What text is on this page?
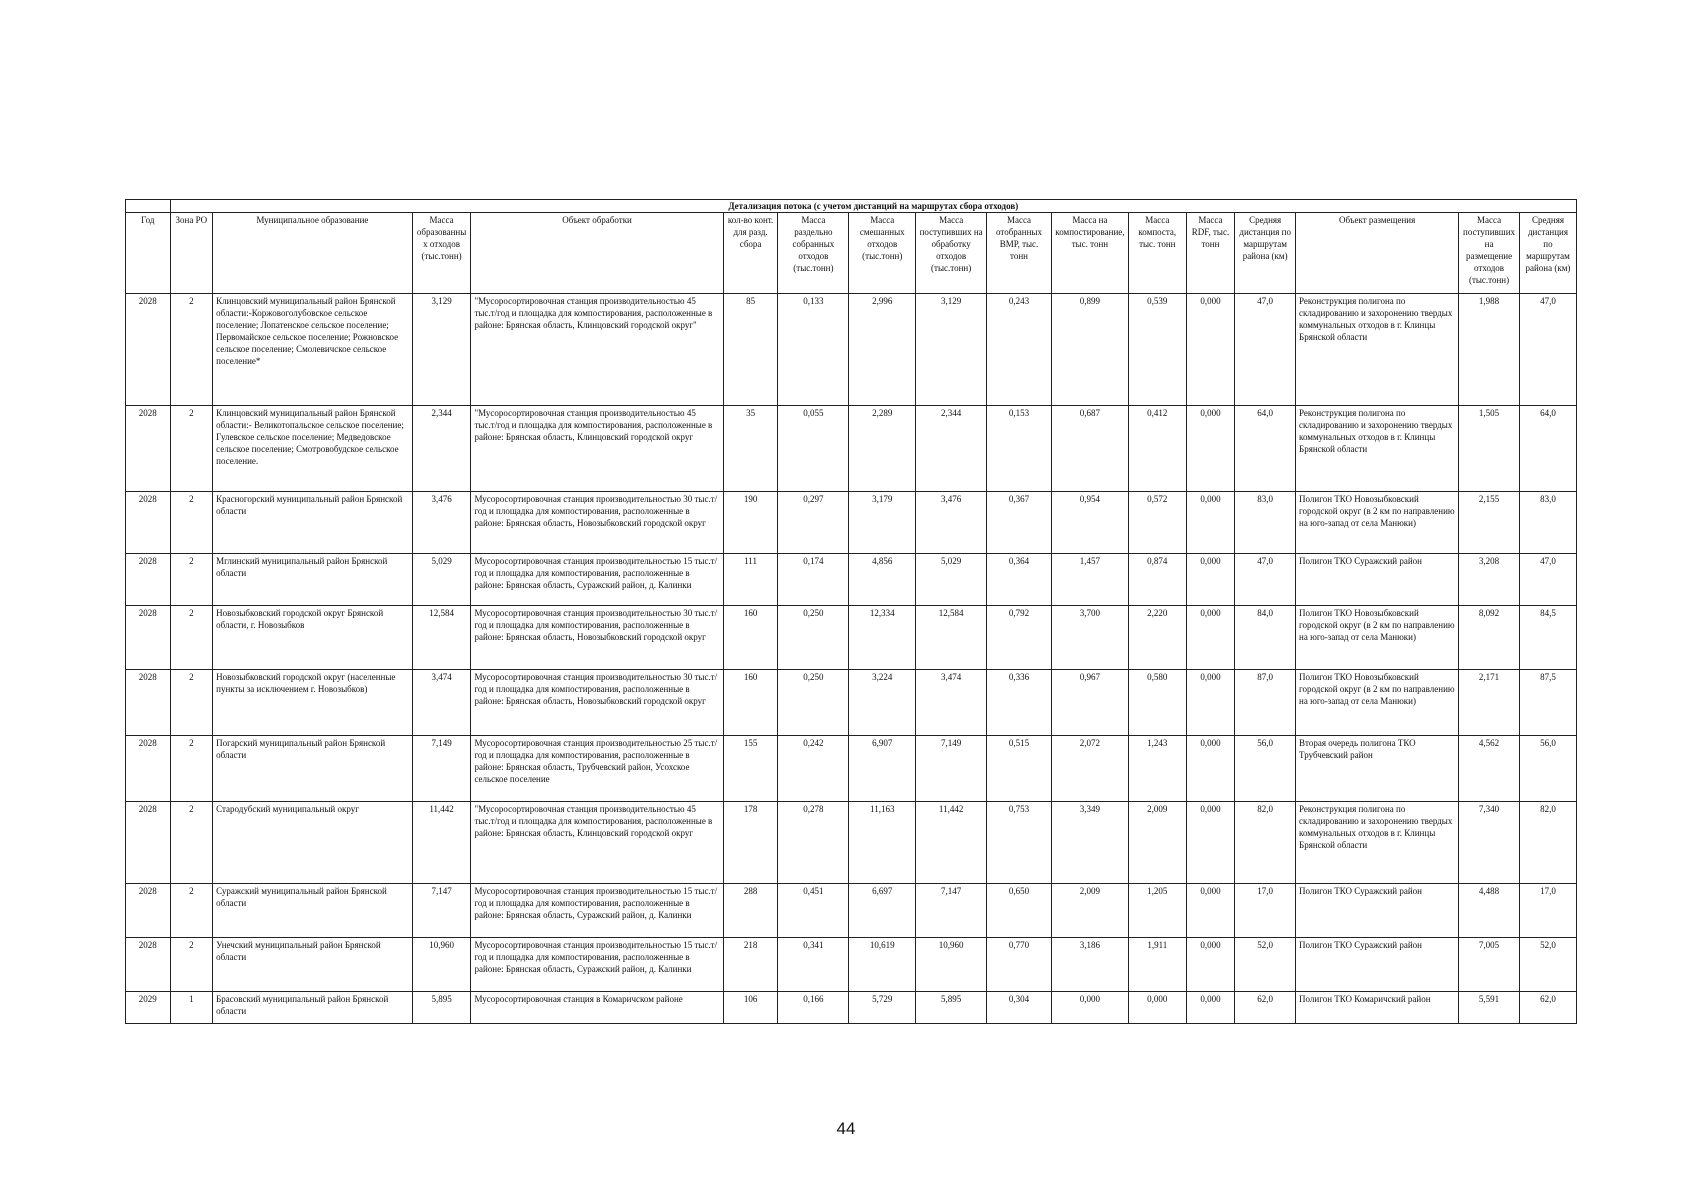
	Детализация потока (с учетом дистанций на маршрутах сбора отходов)															
Год	Зона РО	Муниципальное образование	Масса образованных отходов (тыс.тонн)	Объект обработки	кол-во конт. для разд. сбора	Масса раздельно собранных отходов (тыс.тонн)	Масса смешанных отходов (тыс.тонн)	Масса поступивших на обработку отходов (тыс.тонн)	Масса отобранных ВМР, тыс. тонн	Масса на компостирование, тыс. тонн	Масса компоста, тыс. тонн	Масса RDF, тыс. тонн	Средняя дистанция по маршрутам района (км)	Объект размещения	Масса поступивших на размещение отходов (тыс.тонн)	Средняя дистанция по маршрутам района (км)
2028	2	Клинцовский муниципальный район Брянской области:-Коржовоголубовское сельское поселение; Лопатенское сельское поселение; Первомайское сельское поселение; Рожновское сельское поселение; Смолевичское сельское поселение*	3,129	"Мусоросортировочная станция производительностью 45 тыс.т/год и площадка для компостирования, расположенные в районе: Брянская область, Клинцовский городской округ"	85	0,133	2,996	3,129	0,243	0,899	0,539	0,000	47,0	Реконструкция полигона по складированию и захоронению твердых коммунальных отходов в г. Клинцы Брянской области	1,988	47,0
2028	2	Клинцовский муниципальный район Брянской области:- Великотопальское сельское поселение; Гулевское сельское поселение; Медведовское сельское поселение; Смотровобудское сельское поселение.	2,344	"Мусоросортировочная станция производительностью 45 тыс.т/год и площадка для компостирования, расположенные в районе: Брянская область, Клинцовский городской округ	35	0,055	2,289	2,344	0,153	0,687	0,412	0,000	64,0	Реконструкция полигона по складированию и захоронению твердых коммунальных отходов в г. Клинцы Брянской области	1,505	64,0
2028	2	Красногорский муниципальный район Брянской области	3,476	Мусоросортировочная станция производительностью 30 тыс.т/год и площадка для компостирования, расположенные в районе: Брянская область, Новозыбковский городской округ	190	0,297	3,179	3,476	0,367	0,954	0,572	0,000	83,0	Полигон ТКО Новозыбковский городской округ (в 2 км по направлению на юго-запад от села Манюки)	2,155	83,0
2028	2	Мглинский муниципальный район Брянской области	5,029	Мусоросортировочная станция производительностью 15 тыс.т/год и площадка для компостирования, расположенные в районе: Брянская область, Суражский район, д. Калинки	111	0,174	4,856	5,029	0,364	1,457	0,874	0,000	47,0	Полигон ТКО Суражский район	3,208	47,0
2028	2	Новозыбковский городской округ Брянской области, г. Новозыбков	12,584	Мусоросортировочная станция производительностью 30 тыс.т/год и площадка для компостирования, расположенные в районе: Брянская область, Новозыбковский городской округ	160	0,250	12,334	12,584	0,792	3,700	2,220	0,000	84,0	Полигон ТКО Новозыбковский городской округ (в 2 км по направлению на юго-запад от села Манюки)	8,092	84,5
2028	2	Новозыбковский городской округ (населенные пункты за исключением г. Новозыбков)	3,474	Мусоросортировочная станция производительностью 30 тыс.т/год и площадка для компостирования, расположенные в районе: Брянская область, Новозыбковский городской округ	160	0,250	3,224	3,474	0,336	0,967	0,580	0,000	87,0	Полигон ТКО Новозыбковский городской округ (в 2 км по направлению на юго-запад от села Манюки)	2,171	87,5
2028	2	Погарский муниципальный район Брянской области	7,149	Мусоросортировочная станция производительностью 25 тыс.т/год и площадка для компостирования, расположенные в районе: Брянская область, Трубчевский район, Усохское сельское поселение	155	0,242	6,907	7,149	0,515	2,072	1,243	0,000	56,0	Вторая очередь полигона ТКО Трубчевский район	4,562	56,0
2028	2	Стародубский муниципальный округ	11,442	"Мусоросортировочная станция производительностью 45 тыс.т/год и площадка для компостирования, расположенные в районе: Брянская область, Клинцовский городской округ	178	0,278	11,163	11,442	0,753	3,349	2,009	0,000	82,0	Реконструкция полигона по складированию и захоронению твердых коммунальных отходов в г. Клинцы Брянской области	7,340	82,0
2028	2	Суражский муниципальный район Брянской области	7,147	Мусоросортировочная станция производительностью 15 тыс.т/год и площадка для компостирования, расположенные в районе: Брянская область, Суражский район, д. Калинки	288	0,451	6,697	7,147	0,650	2,009	1,205	0,000	17,0	Полигон ТКО Суражский район	4,488	17,0
2028	2	Унечский муниципальный район Брянской области	10,960	Мусоросортировочная станция производительностью 15 тыс.т/год и площадка для компостирования, расположенные в районе: Брянская область, Суражский район, д. Калинки	218	0,341	10,619	10,960	0,770	3,186	1,911	0,000	52,0	Полигон ТКО Суражский район	7,005	52,0
2029	1	Брасовский муниципальный район Брянской области	5,895	Мусоросортировочная станция в Комаричском районе	106	0,166	5,729	5,895	0,304	0,000	0,000	0,000	62,0	Полигон ТКО Комаричский район	5,591	62,0
44
